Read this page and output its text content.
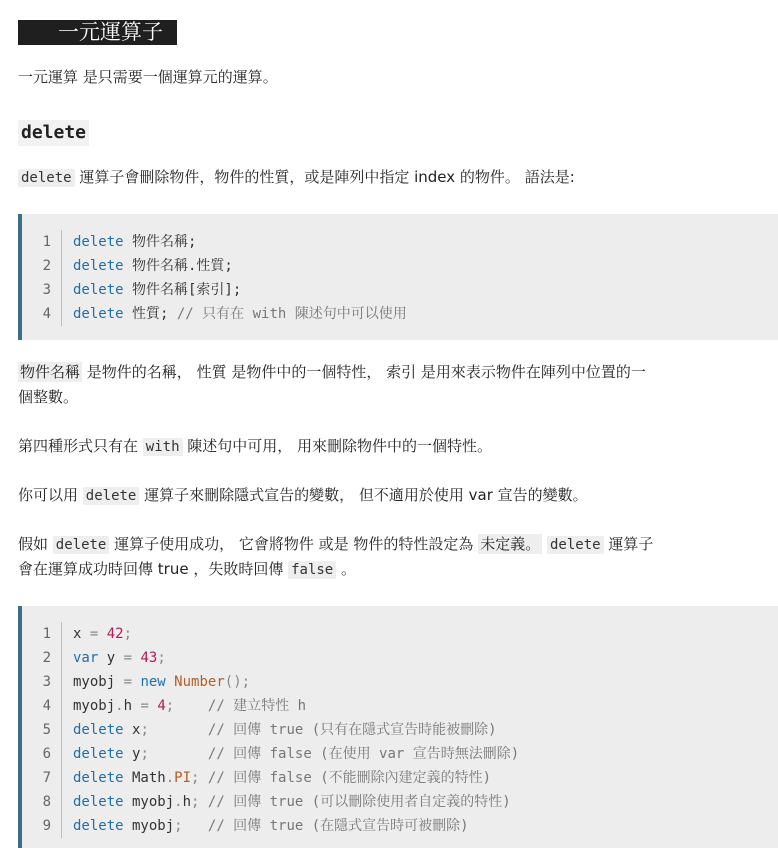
一元運算子

一元運算 是只需要一個運算元的運算。

delete

delete 運算子會刪除物件，物件的性質，或是陣列中指定 index 的物件。 語法是:

1 delete 物件名稱;
2 delete 物件名稱.性質;
3 delete 物件名稱[索引];
4 delete 性質; // 只有在 with 陳述句中可以使用

物件名稱 是物件的名稱， 性質 是物件中的一個特性， 索引 是用來表示物件在陣列中位置的一

個整數。

第四種形式只有在 with 陳述句中可用， 用來刪除物件中的一個特性。

你可以用 delete 運算子來刪除隱式宣告的變數， 但不適用於使用 var 宣告的變數。

假如 delete 運算子使用成功， 它會將物件 或是 物件的特性設定為 未定義。 delete 運算子

會在運算成功時回傳 true ，失敗時回傳 false 。

1 x = 42;
2 var y = 43;
3 myobj = new Number();
4 myobj.h = 4; // 建立特性 h
5 delete x;	// 回傳 true (只有在隱式宣告時能被刪除)
6 delete y;	// 回傳 false (在使用 var 宣告時無法刪除)
7 delete Math.PI; // 回傳 false (不能刪除內建定義的特性)
8 delete myobj.h; // 回傳 true (可以刪除使用者自定義的特性)
9 delete myobj; // 回傳 true (在隱式宣告時可被刪除)
